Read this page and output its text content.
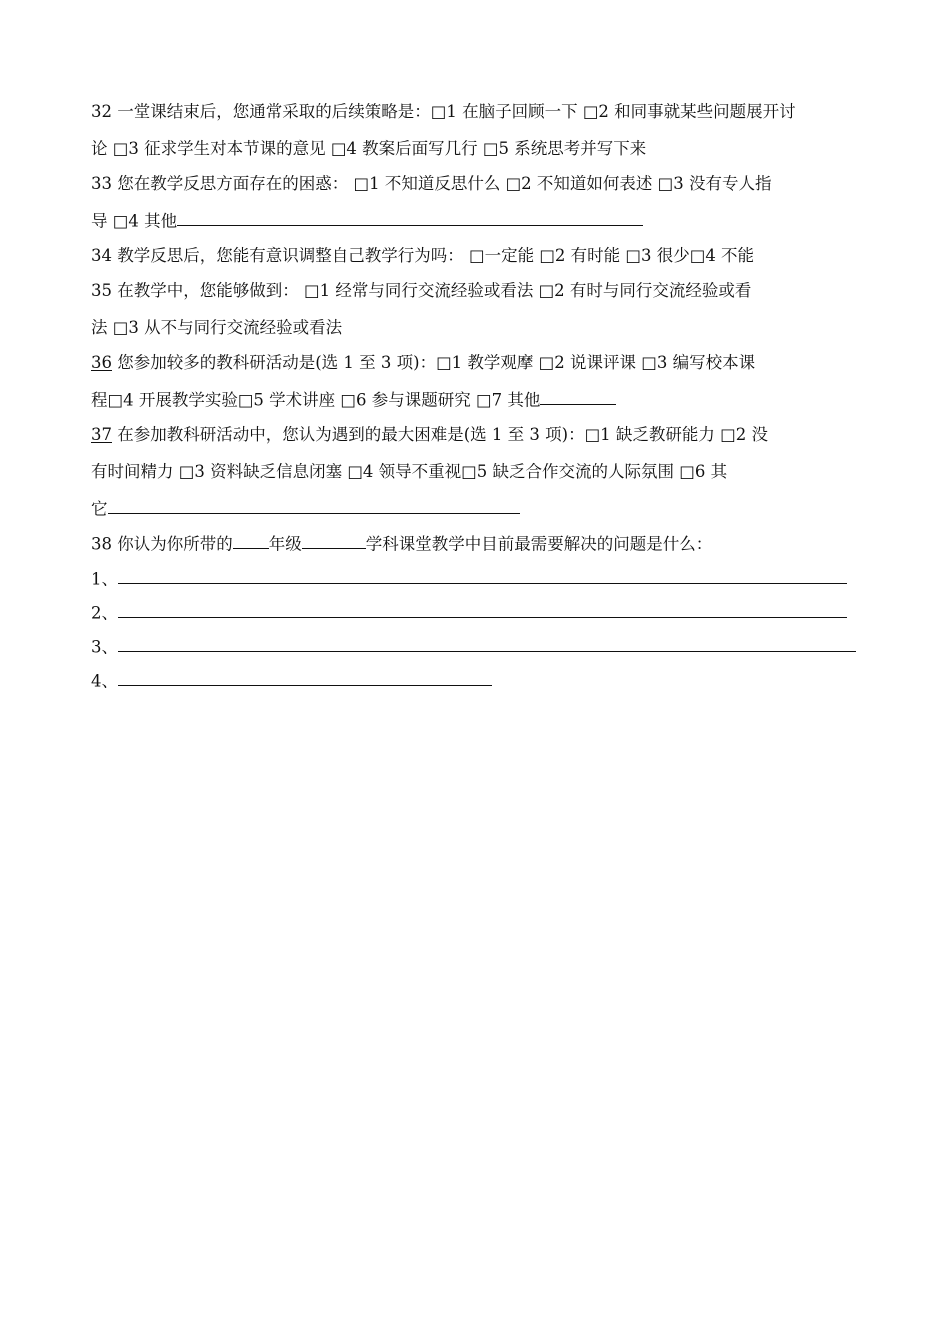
32 一堂课结束后，您通常采取的后续策略是：□1 在脑子回顾一下 □2 和同事就某些问题展开讨
论 □3 征求学生对本节课的意见 □4 教案后面写几行 □5 系统思考并写下来
33 您在教学反思方面存在的困惑： □1 不知道反思什么 □2 不知道如何表述 □3 没有专人指
导 □4 其他
34 教学反思后，您能有意识调整自己教学行为吗： □一定能 □2 有时能 □3 很少□4 不能
35 在教学中，您能够做到： □1 经常与同行交流经验或看法 □2 有时与同行交流经验或看
法 □3 从不与同行交流经验或看法
36 您参加较多的教科研活动是(选 1 至 3 项)：□1 教学观摩 □2 说课评课 □3 编写校本课
程□4 开展教学实验□5 学术讲座 □6 参与课题研究 □7 其他
37 在参加教科研活动中，您认为遇到的最大困难是(选 1 至 3 项)：□1 缺乏教研能力 □2 没
有时间精力 □3 资料缺乏信息闭塞 □4 领导不重视□5 缺乏合作交流的人际氛围 □6 其
它
38 你认为你所带的 年级	学科课堂教学中目前最需要解决的问题是什么：
1、
2、
3、
4、
